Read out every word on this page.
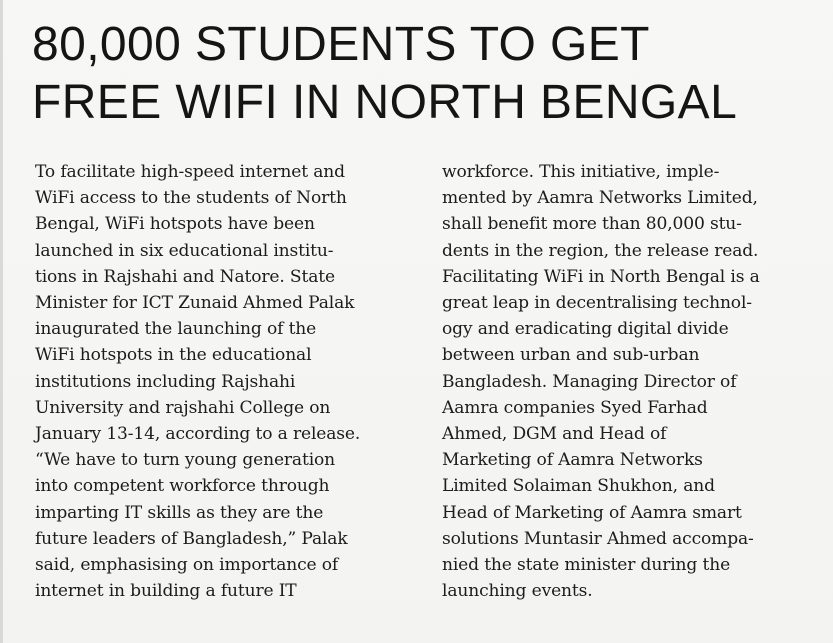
80,000 STUDENTS TO GET
FREE WIFI IN NORTH BENGAL

To facilitate high-speed internet and
WiFi access to the students of North
Bengal, WiFi hotspots have been
launched in six educational institu-
tions in Rajshahi and Natore. State
Minister for ICT Zunaid Ahmed Palak
inaugurated the launching of the
WiFi hotspots in the educational
institutions including Rajshahi
University and rajshahi College on
January 13-14, according to a release.
“We have to turn young generation
into competent workforce through
imparting IT skills as they are the
future leaders of Bangladesh,” Palak
said, emphasising on importance of
internet in building a future IT

workforce. This initiative, imple-
mented by Aamra Networks Limited,
shall benefit more than 80,000 stu-
dents in the region, the release read.
Facilitating WiFi in North Bengal is a
great leap in decentralising technol-
ogy and eradicating digital divide
between urban and sub-urban
Bangladesh. Managing Director of
Aamra companies Syed Farhad
Ahmed, DGM and Head of
Marketing of Aamra Networks
Limited Solaiman Shukhon, and
Head of Marketing of Aamra smart
solutions Muntasir Ahmed accompa-
nied the state minister during the
launching events.
